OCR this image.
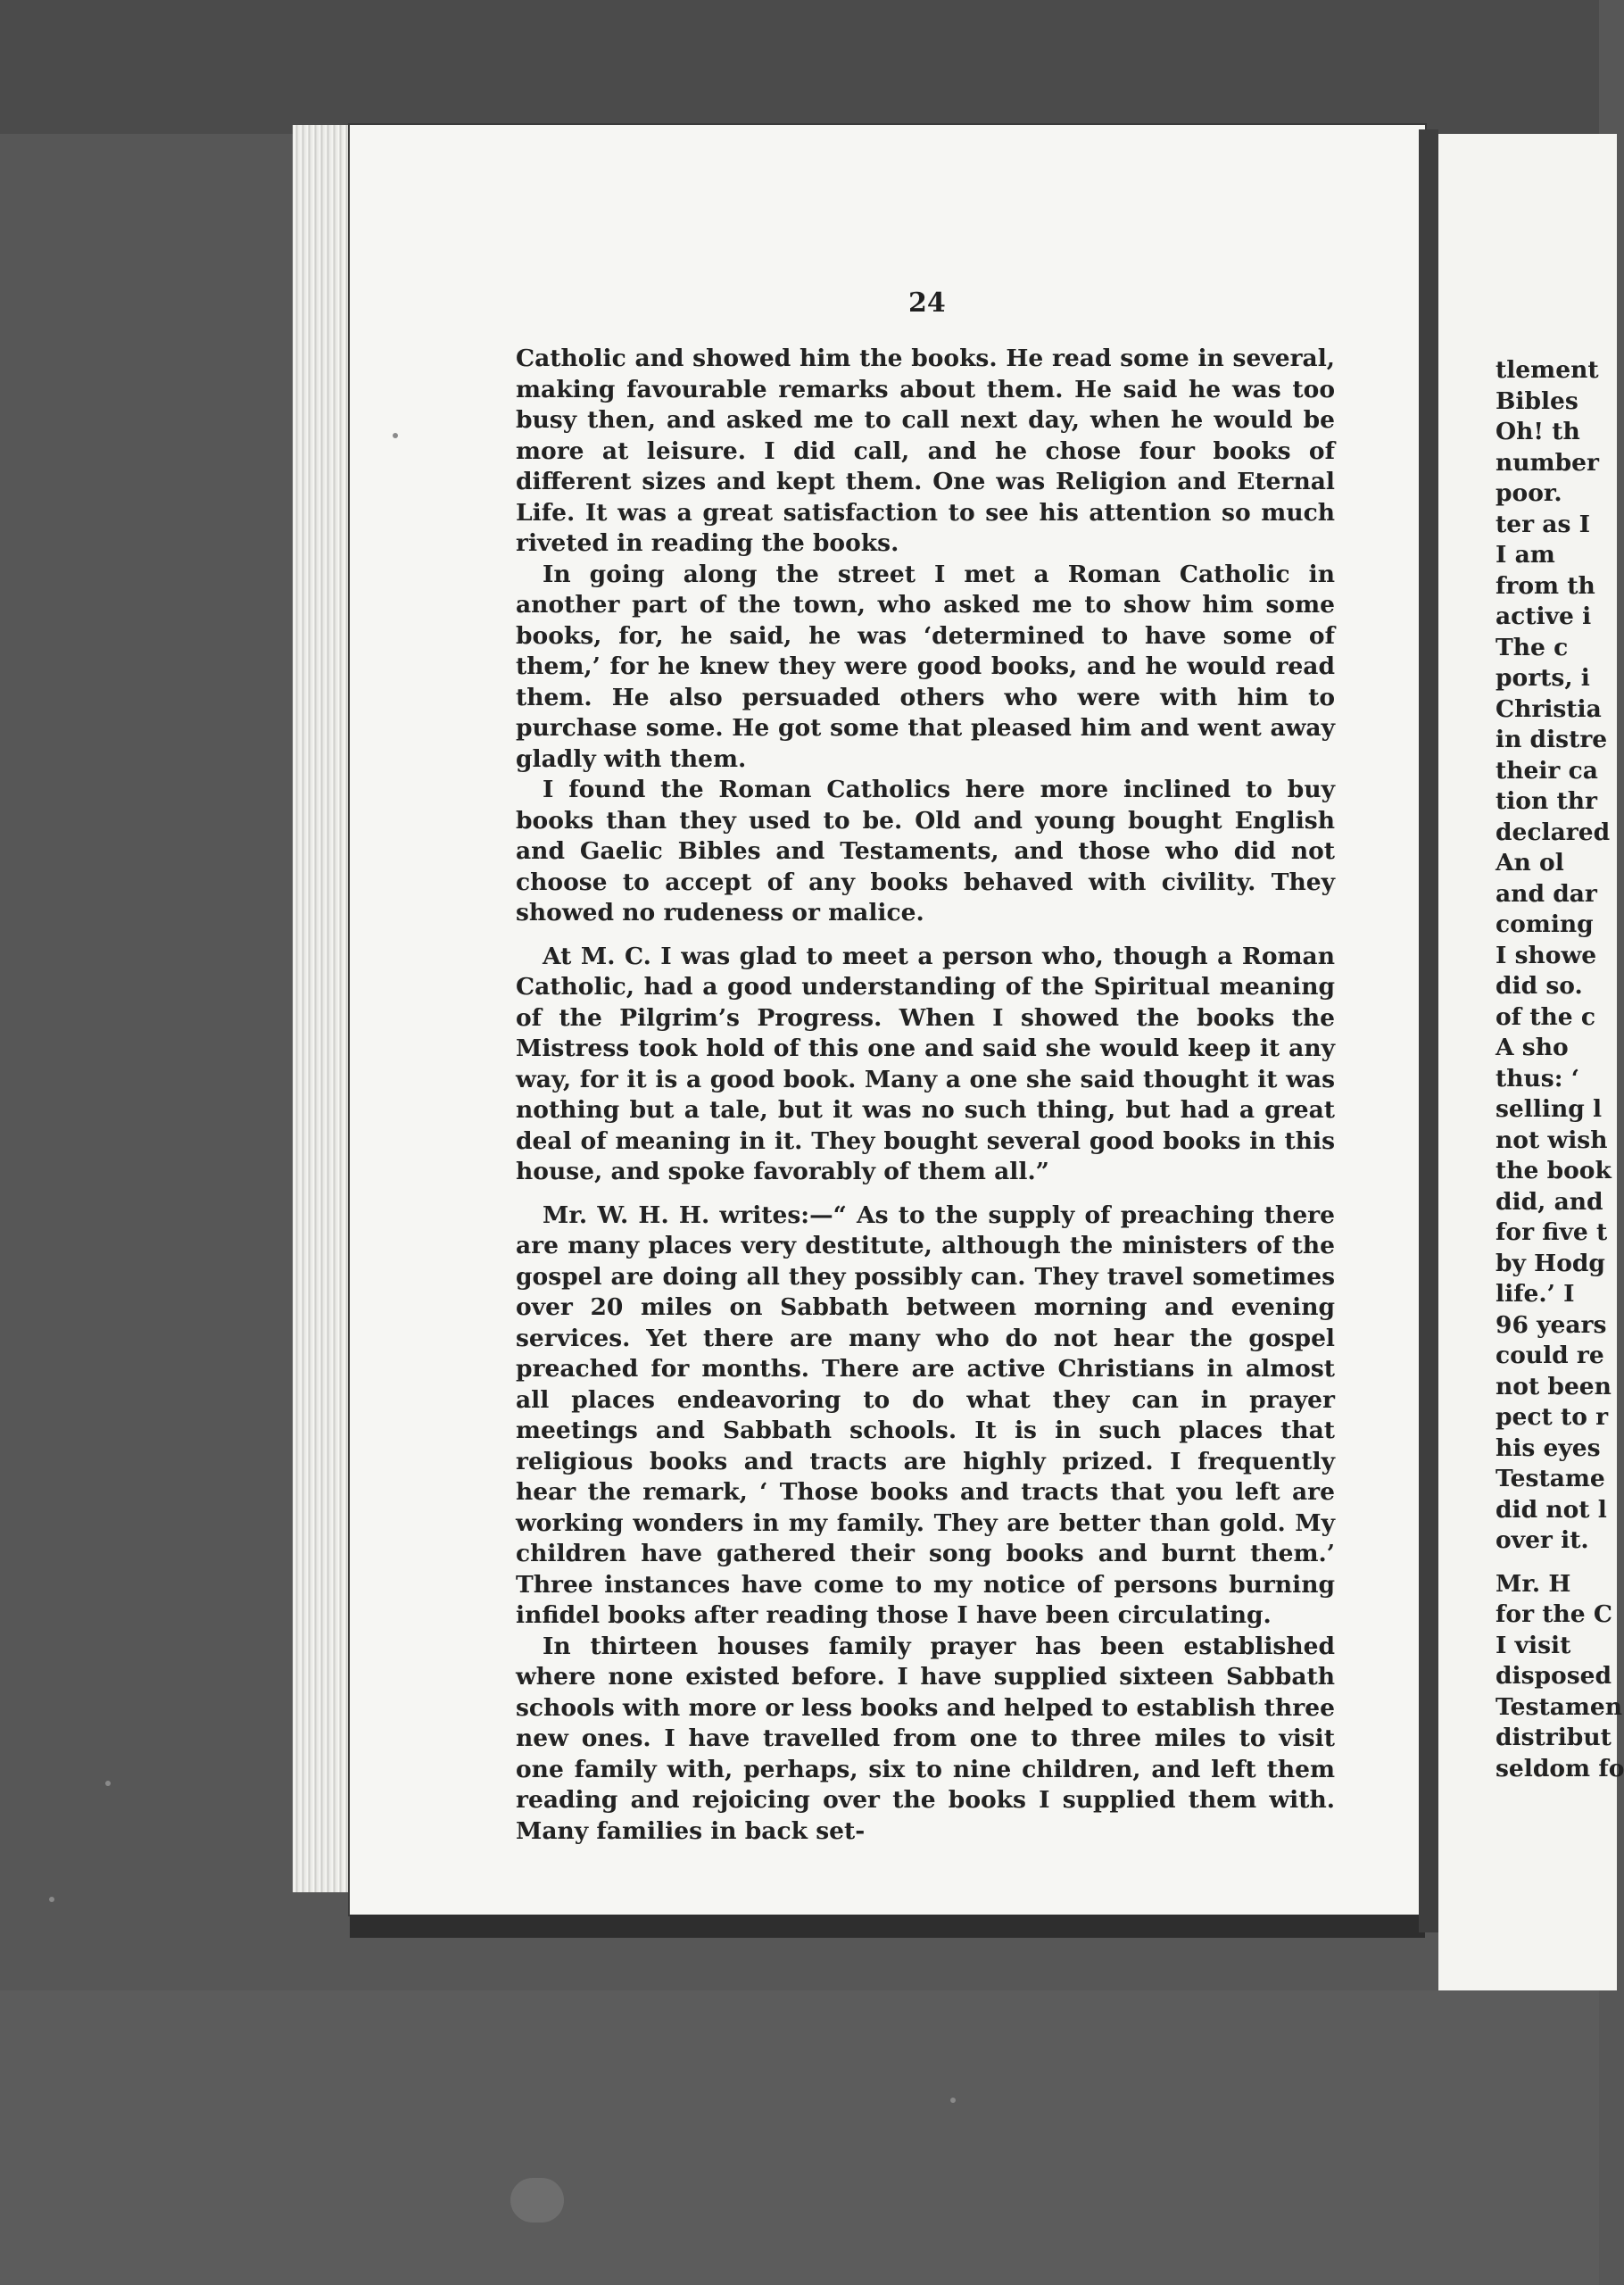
24

Catholic and showed him the books. He read some in several, making favourable remarks about them. He said he was too busy then, and asked me to call next day, when he would be more at leisure. I did call, and he chose four books of different sizes and kept them. One was Religion and Eternal Life. It was a great satisfaction to see his attention so much riveted in reading the books.

In going along the street I met a Roman Catholic in another part of the town, who asked me to show him some books, for, he said, he was ‘determined to have some of them,’ for he knew they were good books, and he would read them. He also persuaded others who were with him to purchase some. He got some that pleased him and went away gladly with them.

I found the Roman Catholics here more inclined to buy books than they used to be. Old and young bought English and Gaelic Bibles and Testaments, and those who did not choose to accept of any books behaved with civility. They showed no rudeness or malice.

At M. C. I was glad to meet a person who, though a Roman Catholic, had a good understanding of the Spiritual meaning of the Pilgrim’s Progress. When I showed the books the Mistress took hold of this one and said she would keep it any way, for it is a good book. Many a one she said thought it was nothing but a tale, but it was no such thing, but had a great deal of meaning in it. They bought several good books in this house, and spoke favorably of them all.”

Mr. W. H. H. writes:—“ As to the supply of preaching there are many places very destitute, although the ministers of the gospel are doing all they possibly can. They travel sometimes over 20 miles on Sabbath between morning and evening services. Yet there are many who do not hear the gospel preached for months. There are active Christians in almost all places endeavoring to do what they can in prayer meetings and Sabbath schools. It is in such places that religious books and tracts are highly prized. I frequently hear the remark, ‘ Those books and tracts that you left are working wonders in my family. They are better than gold. My children have gathered their song books and burnt them.’ Three instances have come to my notice of persons burning infidel books after reading those I have been circulating.

In thirteen houses family prayer has been established where none existed before. I have supplied sixteen Sabbath schools with more or less books and helped to establish three new ones. I have travelled from one to three miles to visit one family with, perhaps, six to nine children, and left them reading and rejoicing over the books I supplied them with. Many families in back set-

tlement
Bibles
Oh! th
number
poor.
ter as I
I am
from th
active i
The c
ports, i
Christia
in distre
their ca
tion thr
declared
An ol
and dar
coming
I showe
did so.
of the c
A sho
thus: ‘
selling l
not wish
the book
did, and
for five t
by Hodg
life.’ I
96 years
could re
not been
pect to r
his eyes
Testame
did not l
over it.
Mr. H
for the C
I visit
disposed
Testamen
distribut
seldom fo
